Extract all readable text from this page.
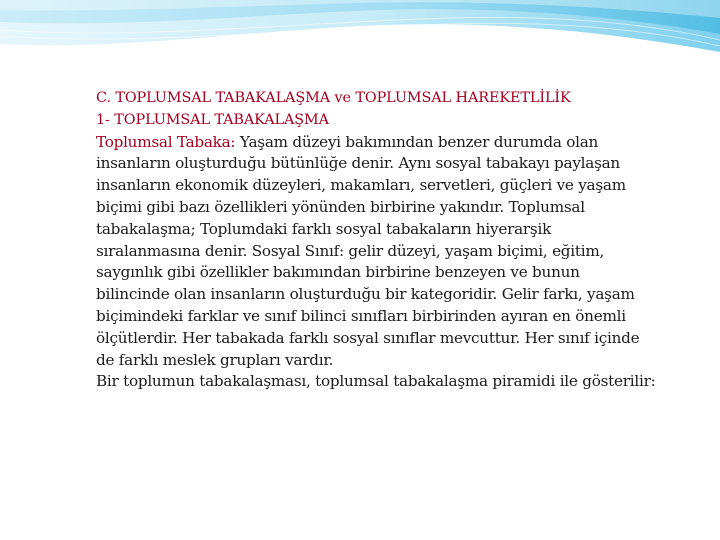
C. TOPLUMSAL TABAKALAŞMA ve TOPLUMSAL HAREKETLİLİK
1- TOPLUMSAL TABAKALAŞMA
Toplumsal Tabaka: Yaşam düzeyi bakımından benzer durumda olan insanların oluşturduğu bütünlüğe denir. Aynı sosyal tabakayı paylaşan insanların ekonomik düzeyleri, makamları, servetleri, güçleri ve yaşam biçimi gibi bazı özellikleri yönünden birbirine yakındır. Toplumsal tabakalaşma; Toplumdaki farklı sosyal tabakaların hiyerarşik sıralanmasına denir. Sosyal Sınıf: gelir düzeyi, yaşam biçimi, eğitim, saygınlık gibi özellikler bakımından birbirine benzeyen ve bunun bilincinde olan insanların oluşturduğu bir kategoridir. Gelir farkı, yaşam biçimindeki farklar ve sınıf bilinci sınıfları birbirinden ayıran en önemli ölçütlerdir. Her tabakada farklı sosyal sınıflar mevcuttur. Her sınıf içinde de farklı meslek grupları vardır.
Bir toplumun tabakalaşması, toplumsal tabakalaşma piramidi ile gösterilir:
